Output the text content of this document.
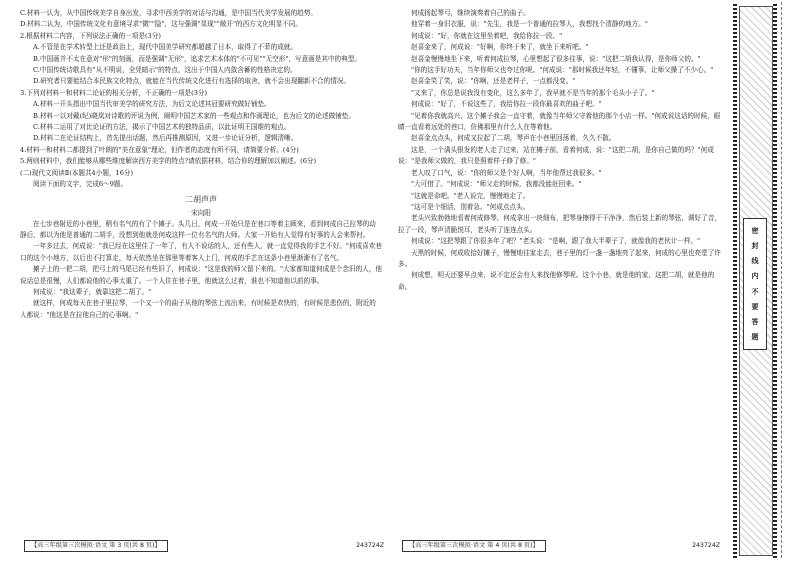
C.材料一认为，从中国传统美学自身出发，寻求中西美学的对话与沟通，是中国当代美学发展的趋势。

D.材料二认为，中国传统文化有意境寻求"微""隐"，这与强调"显现""敞开"的西方文化明显不同。

2.根据材料二内容，下列说法正确的一项是(3分)

A.不管是在学术转型上还是政治上，现代中国美学研究都超越了日本，取得了不菲的成就。

B.中国画并不太在意对"形"的刻画，而是强调"无形"，追求艺术本体的"不可见""无空形"，写意画是其中的典型。

C.中国传统诗歌具有"从不明说，全凭暗示"的特点，这出于中国人内敛含蓄的性格决定的。

D.研究者只要能结合本民族文化特点，就能在当代传统文化进行有选择的取舍，就不会出现翻新不合的情况。

3.下列对材料一和材料二论证的相关分析，不正确的一项是(3分)

A.材料一开头指出中国当代审美学的研究方法，为后文论述其冠要研究做好铺垫。

B.材料一以对戴(纪)晓岚对诗歌的评说为例，阐明中国艺术家的一些观点和作画理论，也为后文的论述做铺垫。

C.材料二运用了对比论证的方法，揭示了中国艺术的独特品质，以此证明王国维的观点。

D.材料二在论证结构上，首先提出话题，然后再推测原因，又进一步论证分析，逻辑清晰。

4.材料一和材料二都提到了叶朗的"美在意象"理论，但作者的态度有所不同，请简要分析。(4分)

5.两则材料中，我们能够从哪些维度解读西方美学的特点?请依据材料，结合你的理解加以阐述。(6分)

(二)现代文阅读Ⅱ(本题共4小题，16分)

阅读下面的文字，完成6～9题。

二胡声声
宋向阳

在七步巷附近的小巷里，稍有名气的有了个摊子。头几日，何成一开始只是在巷口等着主顾来，看到何成自己拉琴的动静后，都以为他是普通的二胡手，没想到他就是何成这样一位有名气的大师。大家一开始有人觉得有好事的人会来帮衬。

一年多过去，何成说："我已经在这里住了一年了，有人不说话的人，还有些人，就一直觉得我的手艺不好。"何成喜欢巷口的这个小地方，以后也不打算走，每天依然坐在那里等着客人上门，何成的手艺在这条小巷里渐渐有了名气。

摊子上的一把二胡，把弓上的马尾已经有些旧了，何成说："这是我的师父留下来的。"大家都知道何成是个念旧的人，他说话总是很慢，人们都说他的心事太重了。一个人住在巷子里，他就这么过着，谁也不知道他以前的事。

何成说："我这辈子，就靠这把二胡了。"

就这样，何成每天在巷子里拉琴，一个又一个的曲子从他的琴弦上流出来，有时候是欢快的，有时候是悲伤的，附近的人都说："他这是在拉他自己的心事啊。"

何成扬起琴弓，继续演奏着自己的曲子。

他穿着一身旧衣服，说："先生，我是一个普通的拉琴人，我想找个清静的地方。"

何成说："好，你就在这里坐着吧，我给你拉一段。"

赵喜金来了，何成说："好啊，你终于来了，就坐下来听吧。"

赵喜金慢慢地坐下来，听着何成拉琴，心里想起了很多往事，说："这把二胡我认得，是你师父的。"

"你的这手好功夫，当年你师父也夸过你呢。"何成说："那时候我还年轻，不懂事，让师父操了不少心。"

赵喜金笑了笑，说："你啊，还是老样子，一点都没变。"

"又来了，你总是说我没有变化，这么多年了，我早就不是当年的那个毛头小子了。"

何成说："好了，不说这些了，我给你拉一段你最喜欢的曲子吧。"

"见着你我就高兴，这个摊子我会一直守着，就像当年师父守着他的那个小店一样。"何成说这话的时候，眼睛一直看着远处的巷口，仿佛那里有什么人在等着他。

赵喜金点点头，何成又拉起了二胡，琴声在小巷里回荡着，久久不散。

这是，一个满头银发的老人走了过来，站在摊子前，看着何成，说："这把二胡，是你自己做的吗？"何成说："是我师父做的，我只是照着样子修了修。"

老人叹了口气，说："你的师父是个好人啊，当年他帮过我很多。"

"大可惜了。"何成说："师父走的时候，我都没能赶回来。"

"这就是命吧。"老人说完，慢慢地走了。

"这可是个细活，别着急。"何成点点头。

老头兴致勃勃地看着何成修琴，何成拿出一块细布，把琴身擦得干干净净，然后装上新的琴弦，调好了音，拉了一段，琴声清脆悦耳，老头听了连连点头。

何成说："这把琴跟了你很多年了吧？"老头说："是啊，跟了我大半辈子了，就像我的老伙计一样。"

天黑的时候，何成收拾好摊子，慢慢地往家走去，巷子里的灯一盏一盏地亮了起来，何成的心里也亮堂了许多。

何成想，明天还要早点来，说不定还会有人来找他修琴呢。这个小巷，就是他的家，这把二胡，就是他的命。

【高三年级第三次模拟·语文 第 3 页(共 8 页)】	243724Z	【高三年级第三次模拟·语文 第 4 页(共 8 页)】	243724Z
密
封
线
内
不
要
答
题
